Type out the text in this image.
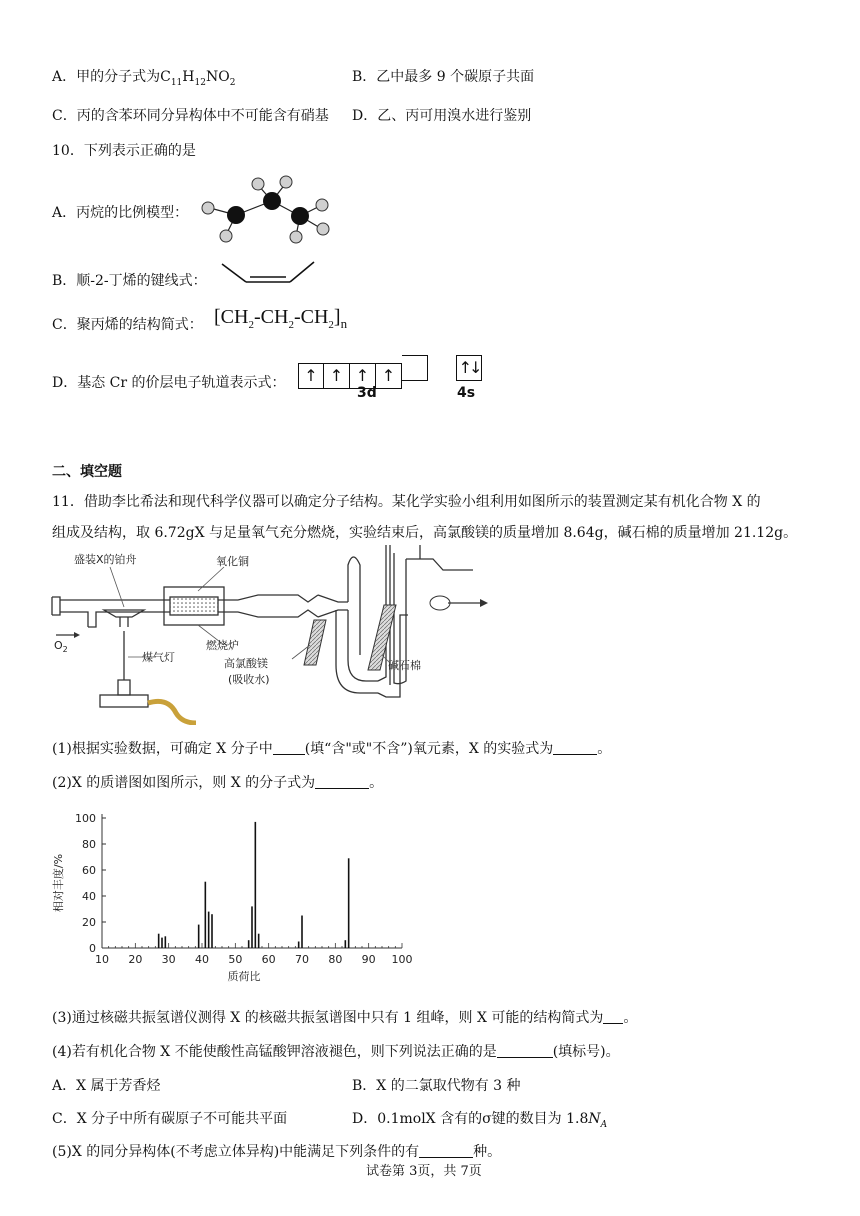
A．甲的分子式为$C_{11}H_{12}NO_2$	B．乙中最多 9 个碳原子共面
C．丙的含苯环同分异构体中不可能含有硝基 D．乙、丙可用溴水进行鉴别
10．下列表示正确的是
A．丙烷的比例模型：
B．顺-2-丁烯的键线式：
C．聚丙烯的结构简式： $[CH_2-CH_2-CH_2]_n$
D．基态 Cr 的价层电子轨道表示式：	↑ ↑ ↑ ↑
3d
↑↓
4s
二、填空题
11．借助李比希法和现代科学仪器可以确定分子结构。某化学实验小组利用如图所示的装置测定某有机化合物 X 的
组成及结构，取 6.72gX 与足量氧气充分燃烧，实验结束后，高氯酸镁的质量增加 8.64g，碱石棉的质量增加 21.12g。
盛装X的铂舟	氧化铜
$O_2$
煤气灯
燃烧炉
高氯酸镁
(吸收水)
碱石棉
(1)根据实验数据，可确定 X 分子中 (填“含"或"不含”)氧元素，X 的实验式为	。
(2)X 的质谱图如图所示，则 X 的分子式为	。
10 20 30 40 50 60 70 80 90 100
0
20
40
60
80
100
相对丰度/%
质荷比
(3)通过核磁共振氢谱仪测得 X 的核磁共振氢谱图中只有 1 组峰，则 X 可能的结构简式为 。
(4)若有机化合物 X 不能使酸性高锰酸钾溶液褪色，则下列说法正确的是	(填标号)。
A．X 属于芳香烃	B．X 的二氯取代物有 3 种
C．X 分子中所有碳原子不可能共平面	D．0.1molX 含有的σ键的数目为 $1.8N_A$
(5)X 的同分异构体(不考虑立体异构)中能满足下列条件的有	种。
试卷第 3页，共 7页
